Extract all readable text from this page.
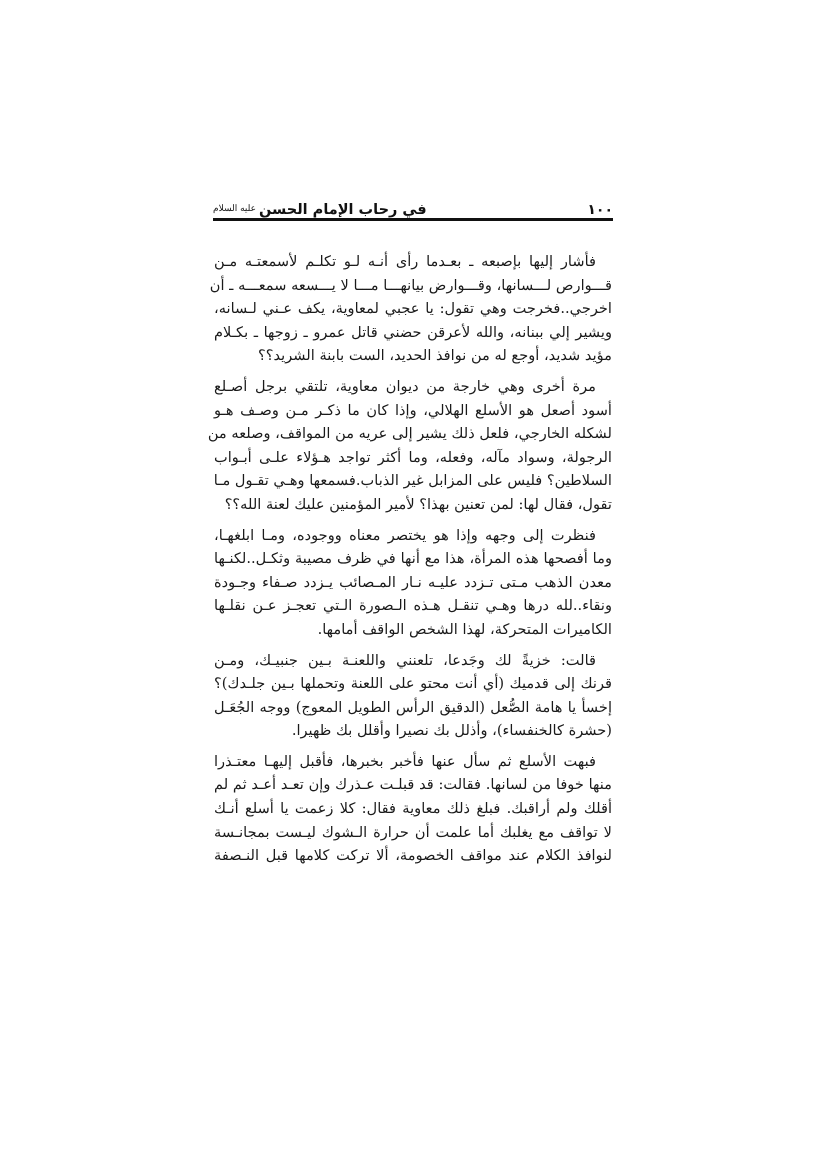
١٠٠
في رحاب الإمام الحسن
عليه السلام
فأشار إليها بإصبعه ـ بعـدما رأى أنـه لـو تكلـم لأسمعتـه مـن
قـــوارص لـــسانها، وقـــوارض بيانهـــا مـــا لا يـــسعه سمعـــه ـ أن
اخرجي..فخرجت وهي تقول: يا عجبي لمعاوية، يكف عـني لـسانه،
ويشير إلي ببنانه، والله لأعرقن حضني قاتل عمرو ـ زوجها ـ بكـلام
مؤيد شديد، أوجع له من نوافذ الحديد، الست بابنة الشريد؟؟
مرة أخرى وهي خارجة من ديوان معاوية، تلتقي برجل أصـلع
أسود أصعل هو الأسلع الهلالي، وإذا كان ما ذكـر مـن وصـف هـو
لشكله الخارجي، فلعل ذلك يشير إلى عريه من المواقف، وصلعه من
الرجولة، وسواد مآله، وفعله، وما أكثر تواجد هـؤلاء علـى أبـواب
السلاطين؟ فليس على المزابل غير الذباب.فسمعها وهـي تقـول مـا
تقول، فقال لها: لمن تعنين بهذا؟ لأمير المؤمنين عليك لعنة الله؟؟
فنظرت إلى وجهه وإذا هو يختصر معناه ووجوده، ومـا ابلغهـا،
وما أفصحها هذه المرأة، هذا مع أنها في ظرف مصيبة وثكـل..لكنـها
معدن الذهب مـتى تـزدد عليـه نـار المـصائب يـزدد صـفاء وجـودة
ونقاء..لله درها وهـي تنقـل هـذه الـصورة الـتي تعجـز عـن نقلـها
الكاميرات المتحركة، لهذا الشخص الواقف أمامها.
قالت: خزيةً لك وجَدعا، تلعنني واللعنـة بـين جنبيـك، ومـن
قرنك إلى قدميك (أي أنت محتو على اللعنة وتحملها بـين جلـدك)؟
إخسأ يا هامة الصُّعل (الدقيق الرأس الطويل المعوج) ووجه الجُعَـل
(حشرة كالخنفساء)، وأذلل بك نصيرا وأقلل بك ظهيرا.
فبهت الأسلع ثم سأل عنها فأخبر بخبرها، فأقبل إليهـا معتـذرا
منها خوفا من لسانها. فقالت: قد قبلـت عـذرك وإن تعـد أعـد ثم لم
أقلك ولم أراقبك. فبلغ ذلك معاوية فقال: كلا زعمت يا أسلع أنـك
لا تواقف مع يغلبك أما علمت أن حرارة الـشوك ليـست بمجانـسة
لنوافذ الكلام عند مواقف الخصومة، ألا تركت كلامها قبل النـصفة
